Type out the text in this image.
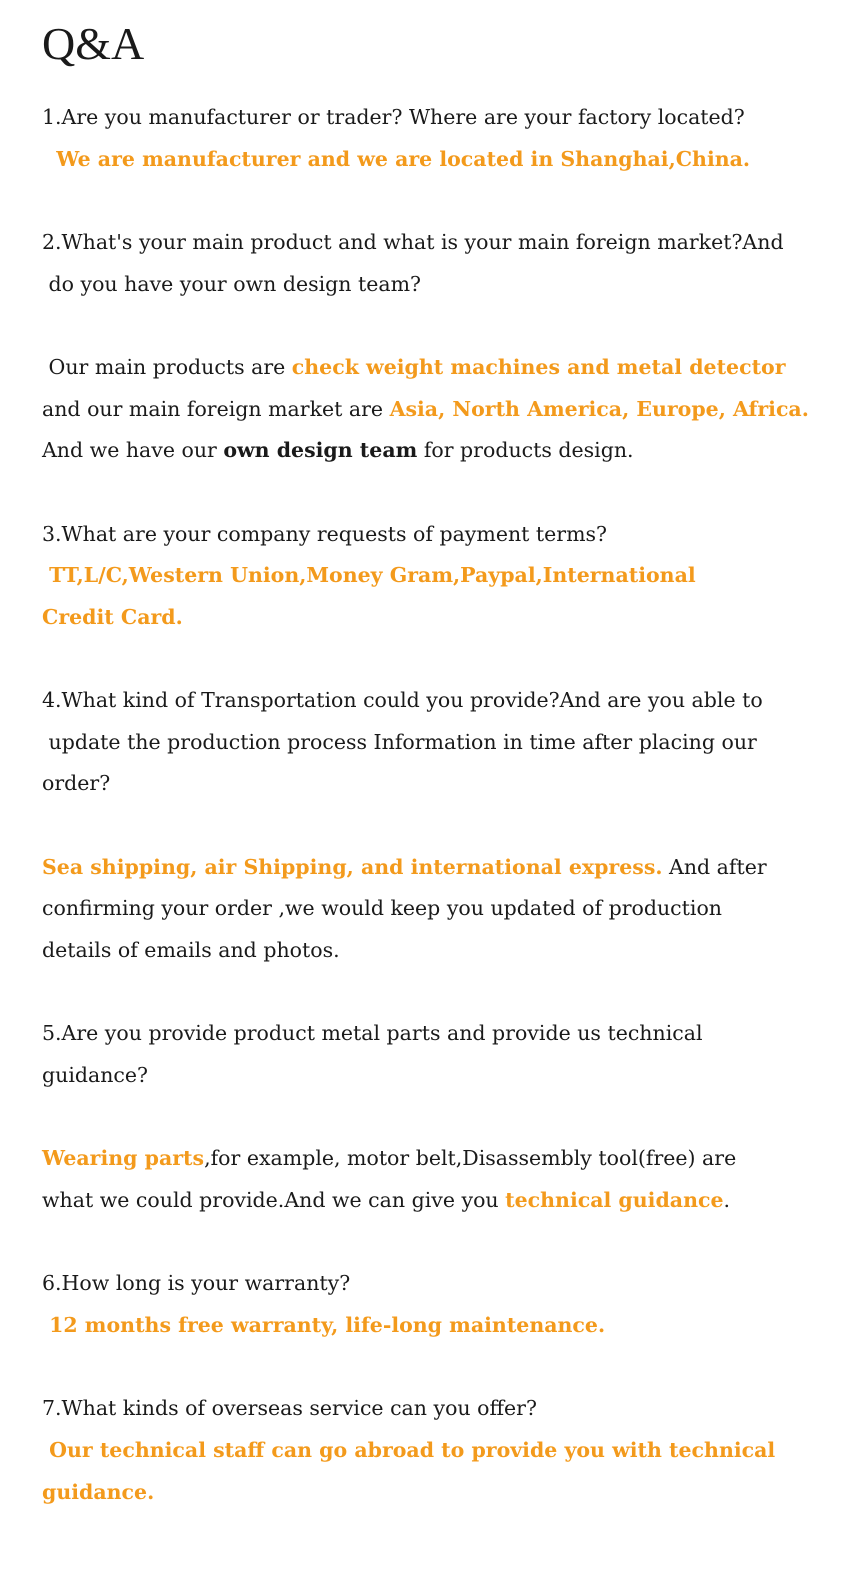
Q&A
1.Are you manufacturer or trader? Where are your factory located?
We are manufacturer and we are located in Shanghai,China.
2.What's your main product and what is your main foreign market?And
do you have your own design team?
Our main products are check weight machines and metal detector
and our main foreign market are Asia, North America, Europe, Africa.
And we have our own design team for products design.
3.What are your company requests of payment terms?
TT,L/C,Western Union,Money Gram,Paypal,International
Credit Card.
4.What kind of Transportation could you provide?And are you able to
update the production process Information in time after placing our
order?
Sea shipping, air Shipping, and international express. And after
confirming your order ,we would keep you updated of production
details of emails and photos.
5.Are you provide product metal parts and provide us technical
guidance?
Wearing parts,for example, motor belt,Disassembly tool(free) are
what we could provide.And we can give you technical guidance.
6.How long is your warranty?
12 months free warranty, life-long maintenance.
7.What kinds of overseas service can you offer?
Our technical staff can go abroad to provide you with technical
guidance.
